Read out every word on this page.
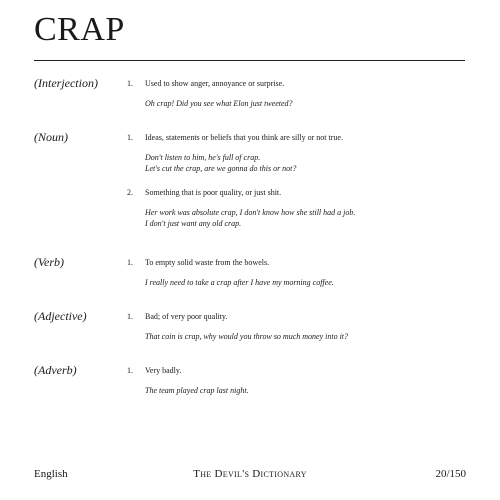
CRAP
(Interjection)	1. Used to show anger, annoyance or surprise.
Oh crap! Did you see what Elon just tweeted?
(Noun)	1. Ideas, statements or beliefs that you think are silly or not true.
Don't listen to him, he's full of crap.
Let's cut the crap, are we gonna do this or not?
2. Something that is poor quality, or just shit.
Her work was absolute crap, I don't know how she still had a job.
I don't just want any old crap.
(Verb)	1. To empty solid waste from the bowels.
I really need to take a crap after I have my morning coffee.
(Adjective)	1. Bad; of very poor quality.
That coin is crap, why would you throw so much money into it?
(Adverb)	1. Very badly.
The team played crap last night.
English	The Devil's Dictionary	20/150
